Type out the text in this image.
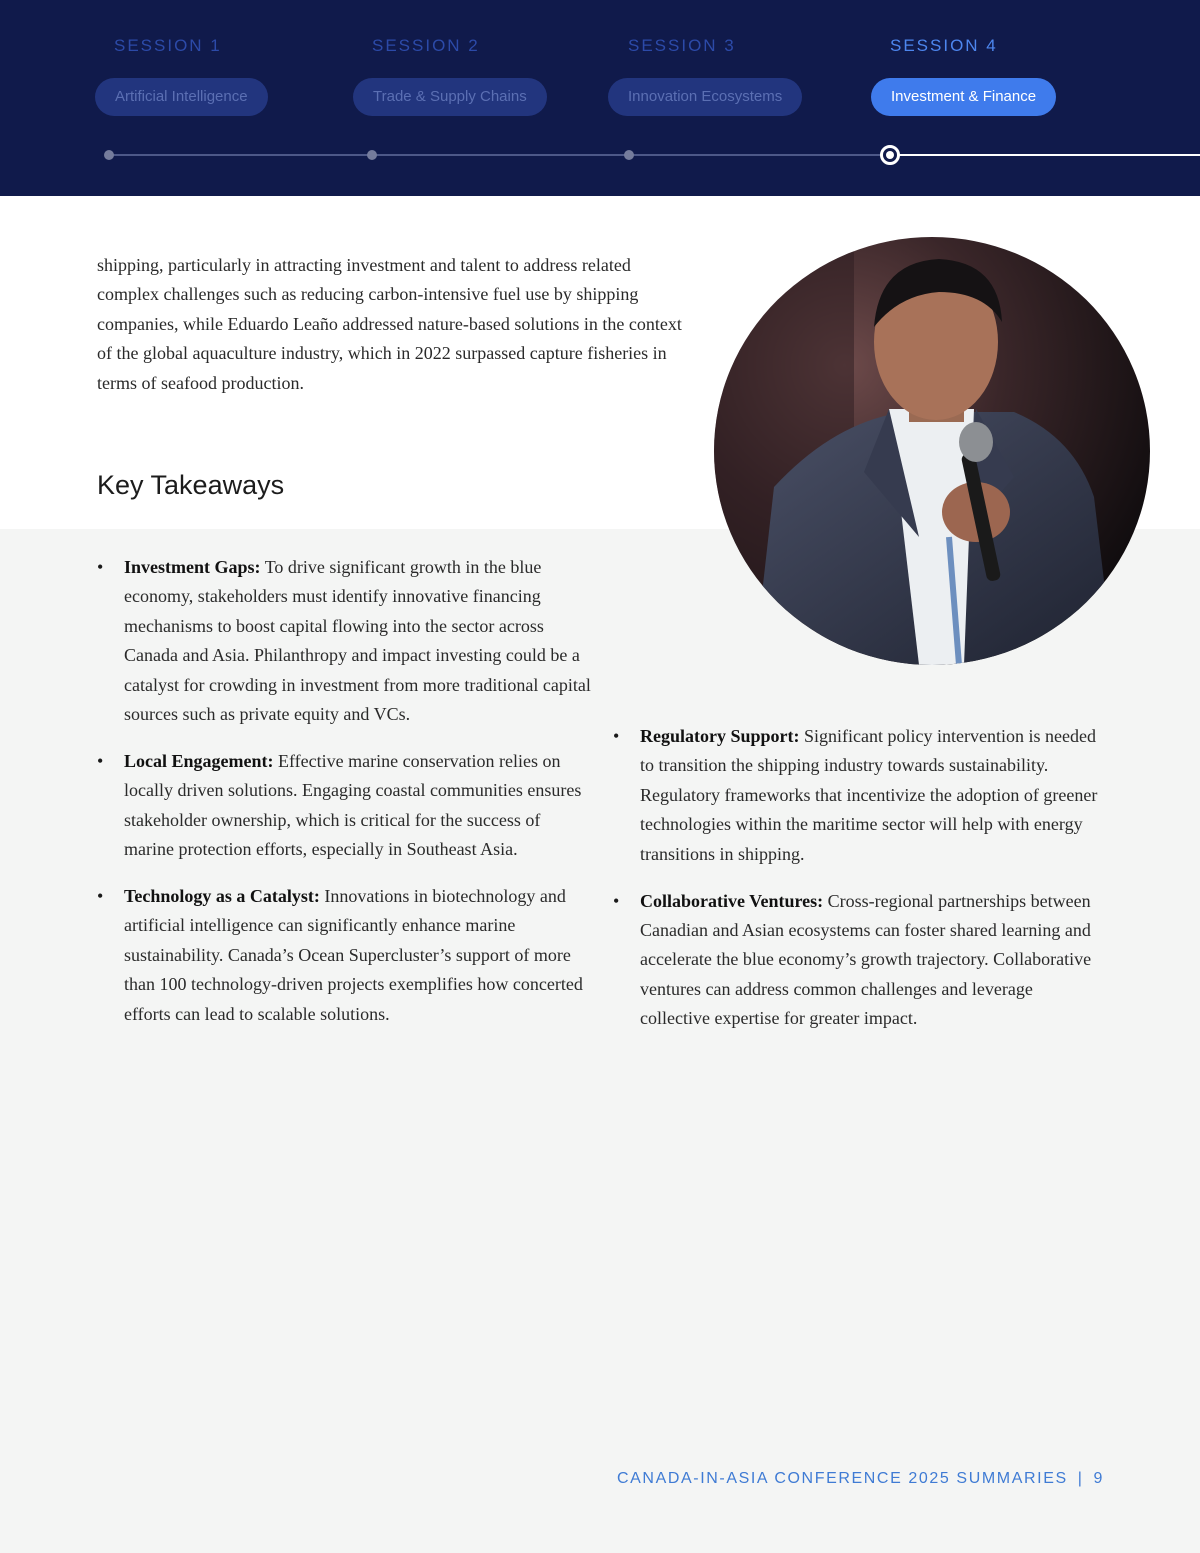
SESSION 1
Artificial Intelligence
SESSION 2
Trade & Supply Chains
SESSION 3
Innovation Ecosystems
SESSION 4
Investment & Finance

shipping, particularly in attracting investment and talent to address related complex challenges such as reducing carbon-intensive fuel use by shipping companies, while Eduardo Leaño addressed nature-based solutions in the context of the global aquaculture industry, which in 2022 surpassed capture fisheries in terms of seafood production.

Key Takeaways
• Investment Gaps: To drive significant growth in the blue economy, stakeholders must identify innovative financing mechanisms to boost capital flowing into the sector across Canada and Asia. Philanthropy and impact investing could be a catalyst for crowding in investment from more traditional capital sources such as private equity and VCs.
• Local Engagement: Effective marine conservation relies on locally driven solutions. Engaging coastal communities ensures stakeholder ownership, which is critical for the success of marine protection efforts, especially in Southeast Asia.
• Technology as a Catalyst: Innovations in biotechnology and artificial intelligence can significantly enhance marine sustainability. Canada’s Ocean Supercluster’s support of more than 100 technology-driven projects exemplifies how concerted efforts can lead to scalable solutions.
• Regulatory Support: Significant policy intervention is needed to transition the shipping industry towards sustainability. Regulatory frameworks that incentivize the adoption of greener technologies within the maritime sector will help with energy transitions in shipping.
• Collaborative Ventures: Cross-regional partnerships between Canadian and Asian ecosystems can foster shared learning and accelerate the blue economy’s growth trajectory. Collaborative ventures can address common challenges and leverage collective expertise for greater impact.
CANADA-IN-ASIA CONFERENCE 2025 SUMMARIES | 9
